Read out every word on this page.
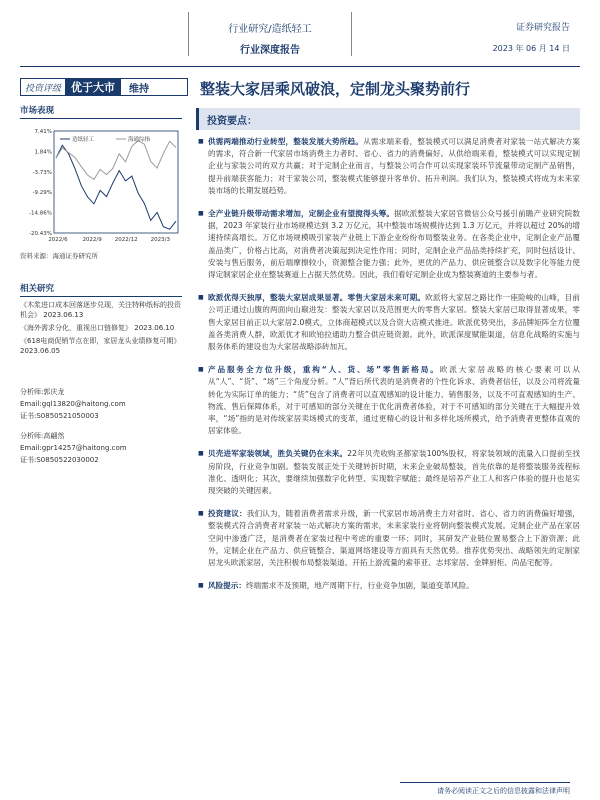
行业研究/造纸轻工
行业深度报告
证券研究报告
2023 年 06 月 14 日
投资评级 优于大市	维持	整装大家居乘风破浪，定制龙头聚势前行
市场表现
7.41%
1.84%
-3.73%
-9.29%
-14.86%
-20.43%
2022/6	2022/9 2022/12 2023/3
造纸轻工	海通综指
资料来源：海通证券研究所
相关研究
《木浆进口成本回落逐步兑现，关注特种纸标的投资机会》 2023.06.13
《海外需求分化，重视出口链修复》 2023.06.10
《618电商促销节点在即，家居龙头业绩修复可期》 2023.06.05
分析师:郭庆龙
Email:gql13820@haitong.com
证书:S0850521050003
分析师:高翩然
Email:gpr14257@haitong.com
证书:S0850522030002
投资要点：
■ 供需两端推动行业转型，整装发展大势所趋。从需求端来看，整装模式可以满足消费者对家装一站式解决方案的需求，符合新一代家居市场消费主力者时、省心、省力的消费偏好。从供给端来看，整装模式可以实现定制企业与家装公司的双方共赢；对于定制企业而言，与整装公司合作可以实现家装环节流量带动定制产品销售，提升前端获客能力；对于家装公司，整装模式能够提升客单价、拓升利润。我们认为，整装模式将成为未来家装市场的长期发展趋势。
■ 全产业链升级带动需求增加，定制企业有望搅得头筹。据欧派整装大家居官微信公众号援引前瞻产业研究院数据，2023 年家装行业市场规模达到 3.2 万亿元，其中整装市场规模待达到 1.3 万亿元，并将以超过 20%的增速持续高增长。万亿市场规模吸引家装产业链上下游企业纷纷布局整装业务。在各类企业中，定制企业产品覆盖品类广，价格占比高，对消费者决策起到决定性作用；同时，定制企业产品品类持续扩充，同时包括设计、安装与售后服务，前后端摩擦较小，资源整合能力强；此外，更优的产品力、供应链整合以及数字化等能力使得定制家居企业在整装赛道上占据天然优势。因此，我们看好定制企业成为整装赛道的主要参与者。
■ 欧派优得天独厚，整装大家居成果显著。零售大家居未来可期。欧派将大家居之路比作一座险峻的山峰，目前公司正通过山腹的两面向山巅进发：整装大家居以及范围更大的零售大家居。整装大家居已取得显著成果，零售大家居目前正以大家居2.0模式，立体商超模式以及合资大店模式推进。欧派优势突出，多品牌矩阵全方位覆盖各类消费人群，欧派优才和欧铂拉通助力整合供应链资源。此外，欧派深度赋能渠道，信息化战略的实施与服务体系的建设也为大家居战略添砖加瓦。
■ 产品服务全方位升级，重构“人、货、场”零售新格局。欧派大家居战略的核心要素可以从从“人”、“货”、“场”三个角度分析。“人”背后所代表的是消费者的个性化诉求、消费者信任，以及公司将流量转化为实际订单的能力；“货”包含了消费者可以直观感知的设计能力、销售服务，以及不可直观感知的生产、物流、售后保障体系，对于可感知的部分关键在于优化消费者体验，对于不可感知的部分关键在于大幅提升效率，“场”指的是对传统家居卖场模式的变革，通过更精心的设计和多样化场所模式，给予消费者更整体直观的居家体验。
■ 贝壳进军家装领域，胜负关键仍在未来。22年贝壳收购圣都家装100%股权，将家装领域的流量入口提前至找房阶段，行业竞争加剧。整装发展正处于关键转折时期，未来企业破局整装，首先依靠的是将整装服务流程标准化、透明化；其次，要继续加强数字化转型、实现数字赋能；最终是培养产业工人和客户体验的提升也是实现突破的关键因素。
■ 投资建议：我们认为，随着消费者需求升级，新一代家居市场消费主力对省时、省心、省力的消费偏好增强，整装模式符合消费者对家装一站式解决方案的需求，未来家装行业将朝向整装模式发展。定制企业产品在家居空间中渗透广泛，是消费者在家装过程中考虑的重要一环；同时，其研发产业链位置易整合上下游资源；此外，定制企业在产品力、供应链整合、渠道网络建设等方面具有天然优势。推荐优势突出、战略领先的定制家居龙头欧派家居，关注积极布局整装渠道、开拓上游流量的索菲亚、志邦家居、金牌厨柜、尚品宅配等。
■ 风险提示：终端需求不及预期，地产周期下行，行业竞争加剧，渠道变革风险。
请务必阅读正文之后的信息披露和法律声明
